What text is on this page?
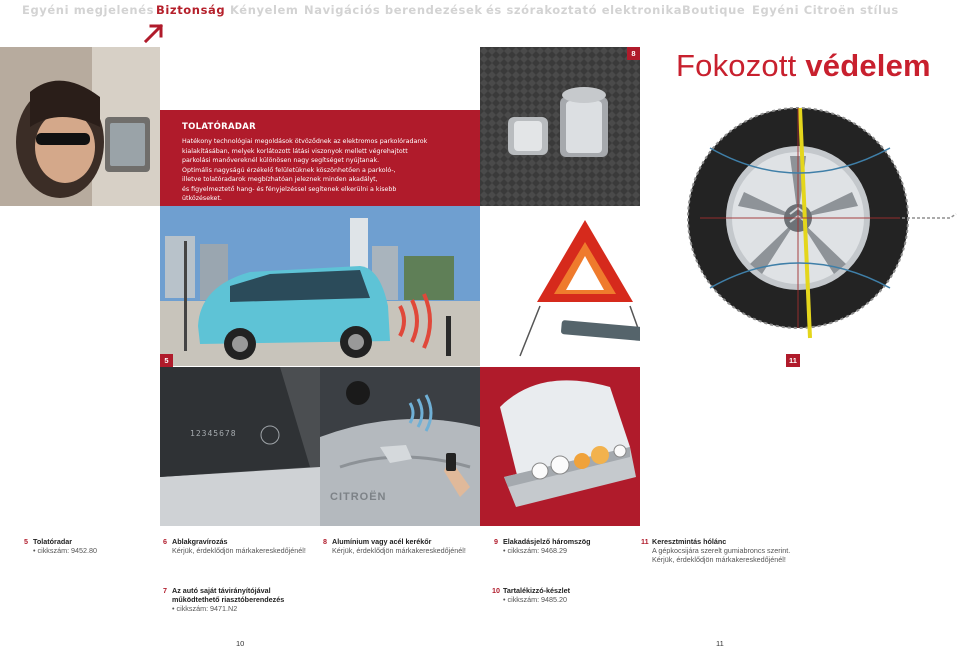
Egyéni megjelenés Biztonság Kényelem Navigációs berendezések és szórakoztató elektronika Boutique Egyéni Citroën stílus
TOLATÓRADAR

Hatékony technológiai megoldások ötvöződnek az elektromos parkolóradarok
kialakításában, melyek korlátozott látási viszonyok mellett végrehajtott
parkolási manővereknél különösen nagy segítséget nyújtanak.
Optimális nagyságú érzékelő felületüknek köszönhetően a parkoló-,
illetve tolatóradarok megbízhatóan jeleznek minden akadályt,
és figyelmeztető hang- és fényjelzéssel segítenek elkerülni a kisebb
ütközéseket.

8 Fokozott védelem
5	11
12345678
CITROËN
5 Tolatóradar
• cikkszám: 9452.80
6 Ablakgravírozás
Kérjük, érdeklődjön márkakereskedőjénél!
8 Alumínium vagy acél kerékőr
Kérjük, érdeklődjön márkakereskedőjénél!
9 Elakadásjelző háromszög
• cikkszám: 9468.29
11 Keresztmintás hólánc
A gépkocsijára szerelt gumiabroncs szerint.
Kérjük, érdeklődjön márkakereskedőjénél!
7 Az autó saját távirányítójával
működtethető riasztóberendezés
• cikkszám: 9471.N2
10 Tartalékizzó-készlet
• cikkszám: 9485.20
10	11
